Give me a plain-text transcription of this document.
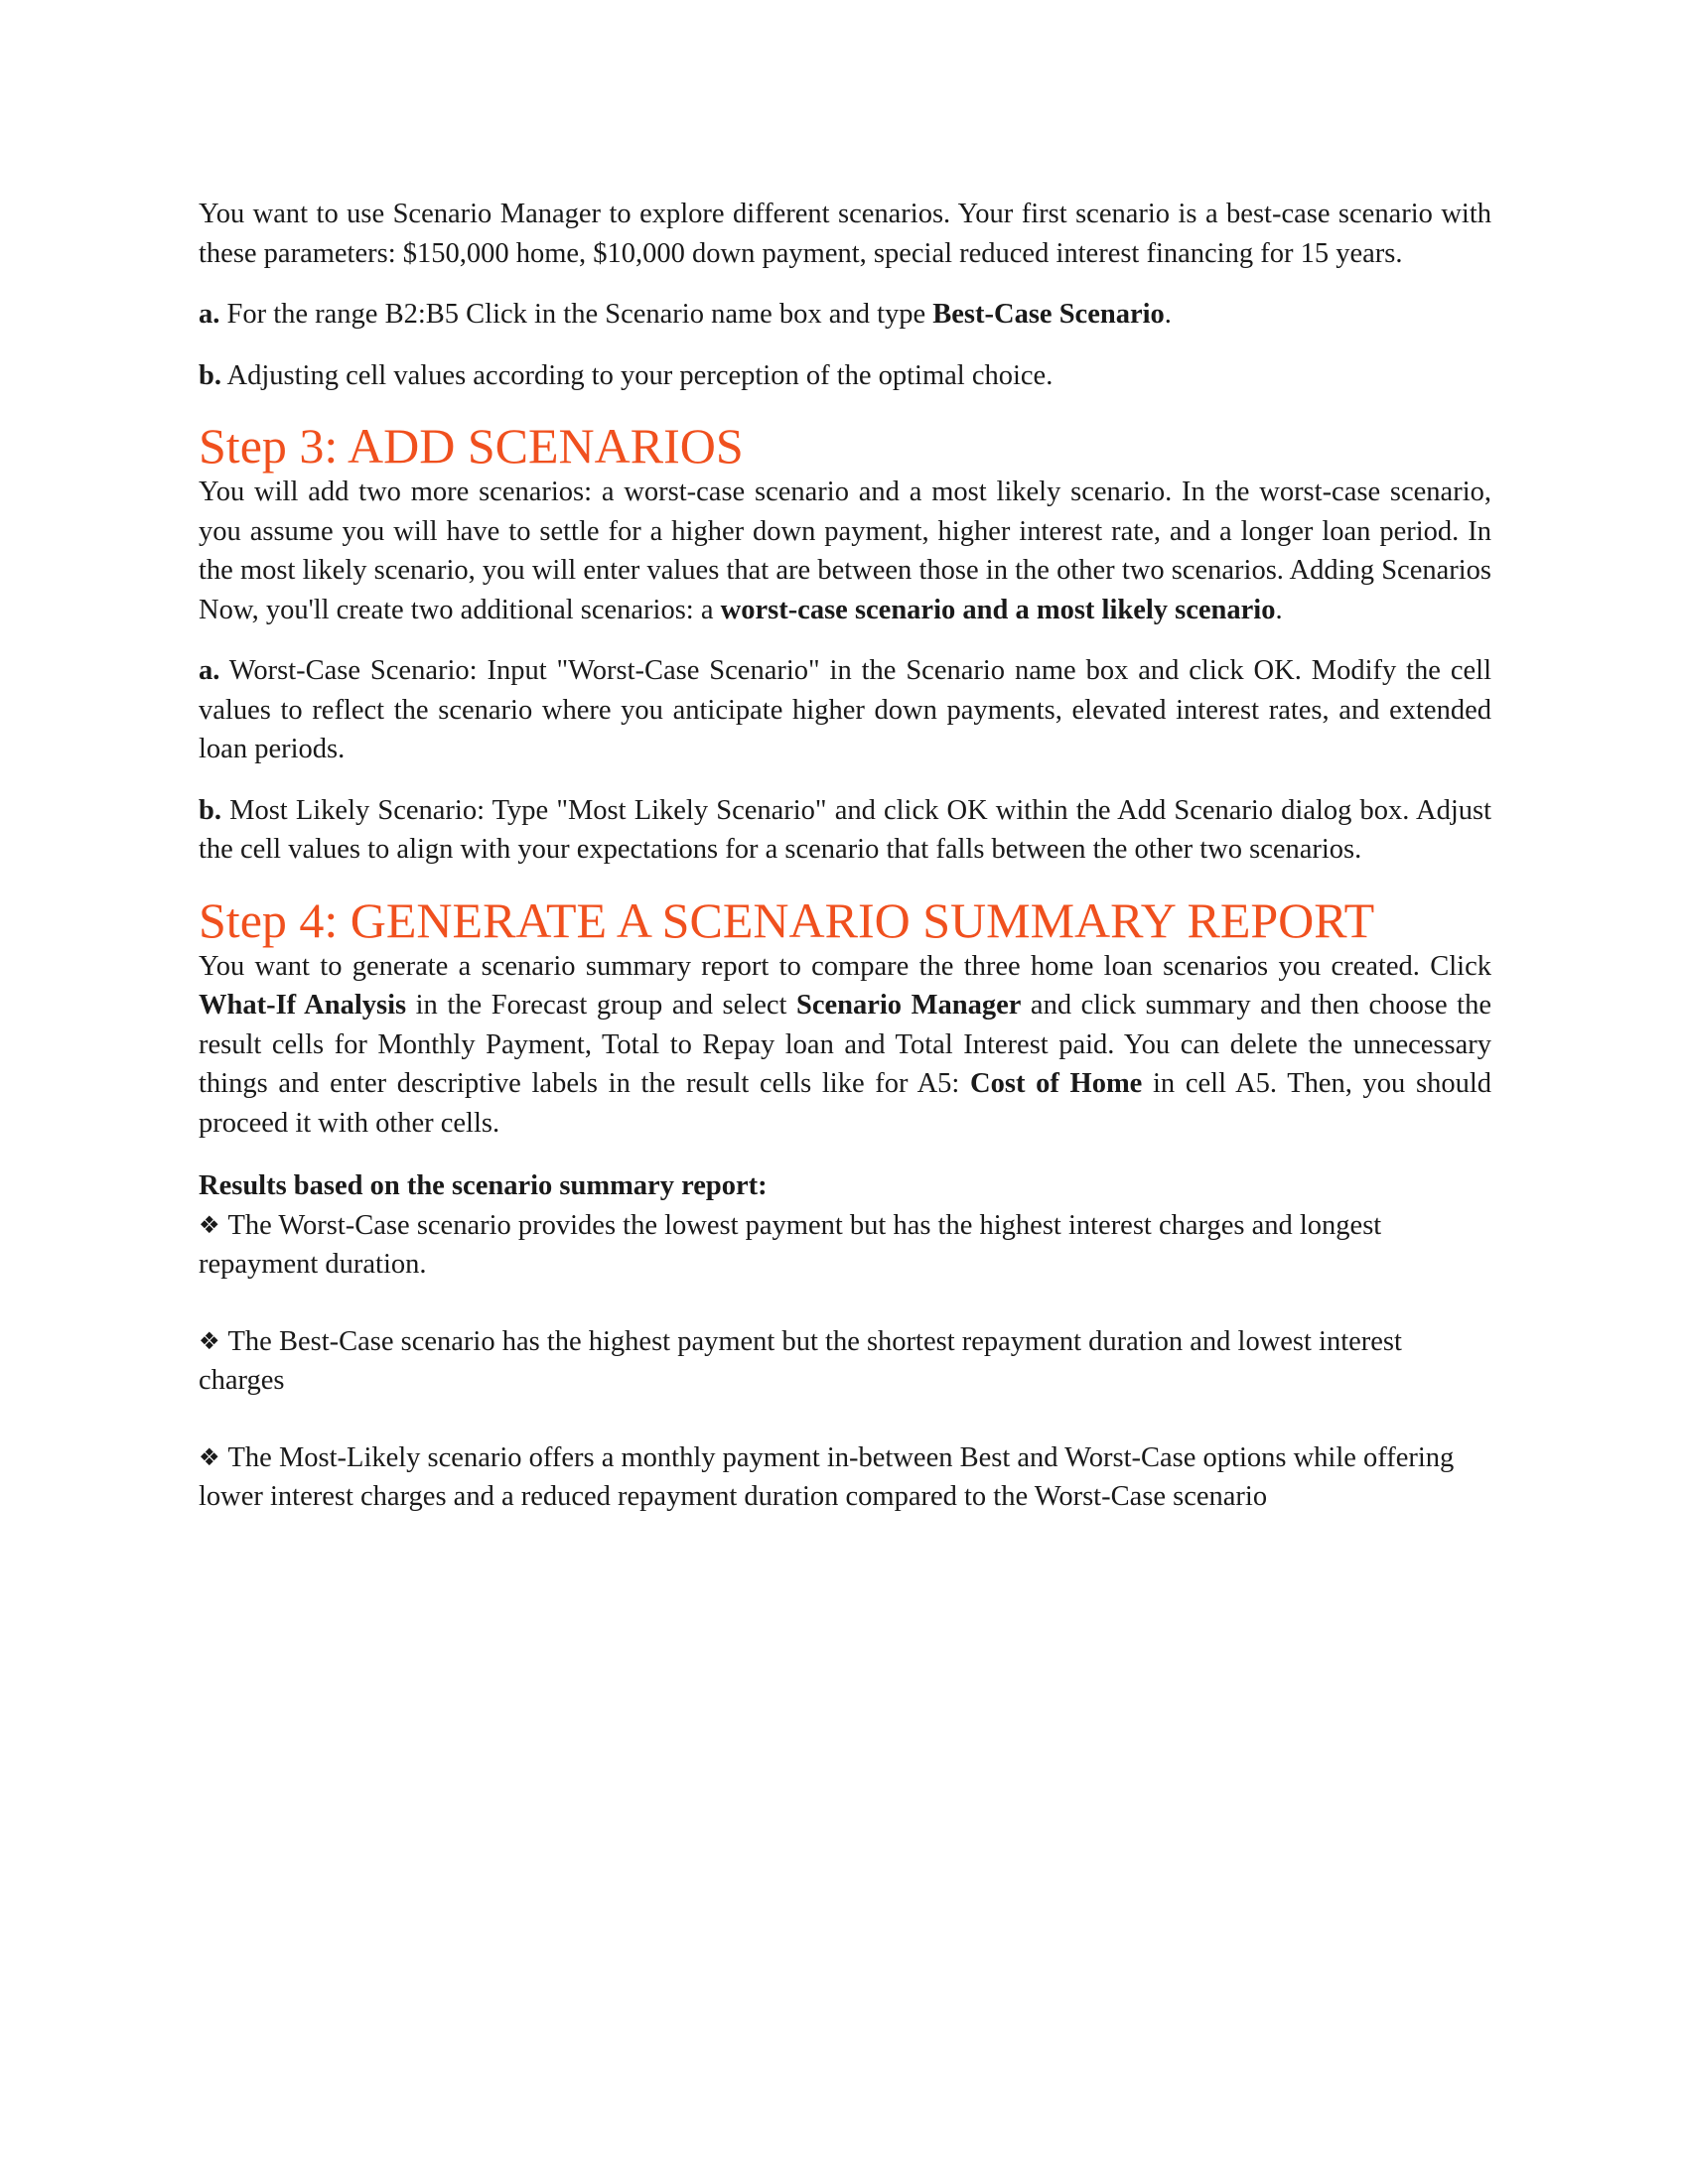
You want to use Scenario Manager to explore different scenarios. Your first scenario is a best-case scenario with these parameters: $150,000 home, $10,000 down payment, special reduced interest financing for 15 years.

a. For the range B2:B5 Click in the Scenario name box and type Best-Case Scenario.

b. Adjusting cell values according to your perception of the optimal choice.

Step 3: ADD SCENARIOS

You will add two more scenarios: a worst-case scenario and a most likely scenario. In the worst-case scenario, you assume you will have to settle for a higher down payment, higher interest rate, and a longer loan period. In the most likely scenario, you will enter values that are between those in the other two scenarios. Adding Scenarios Now, you'll create two additional scenarios: a worst-case scenario and a most likely scenario.

a. Worst-Case Scenario: Input "Worst-Case Scenario" in the Scenario name box and click OK. Modify the cell values to reflect the scenario where you anticipate higher down payments, elevated interest rates, and extended loan periods.

b. Most Likely Scenario: Type "Most Likely Scenario" and click OK within the Add Scenario dialog box. Adjust the cell values to align with your expectations for a scenario that falls between the other two scenarios.

Step 4: GENERATE A SCENARIO SUMMARY REPORT

You want to generate a scenario summary report to compare the three home loan scenarios you created. Click What-If Analysis in the Forecast group and select Scenario Manager and click summary and then choose the result cells for Monthly Payment, Total to Repay loan and Total Interest paid. You can delete the unnecessary things and enter descriptive labels in the result cells like for A5: Cost of Home in cell A5. Then, you should proceed it with other cells.

Results based on the scenario summary report:

❖ The Worst-Case scenario provides the lowest payment but has the highest interest charges and longest repayment duration.

❖ The Best-Case scenario has the highest payment but the shortest repayment duration and lowest interest charges

❖ The Most-Likely scenario offers a monthly payment in-between Best and Worst-Case options while offering lower interest charges and a reduced repayment duration compared to the Worst-Case scenario
